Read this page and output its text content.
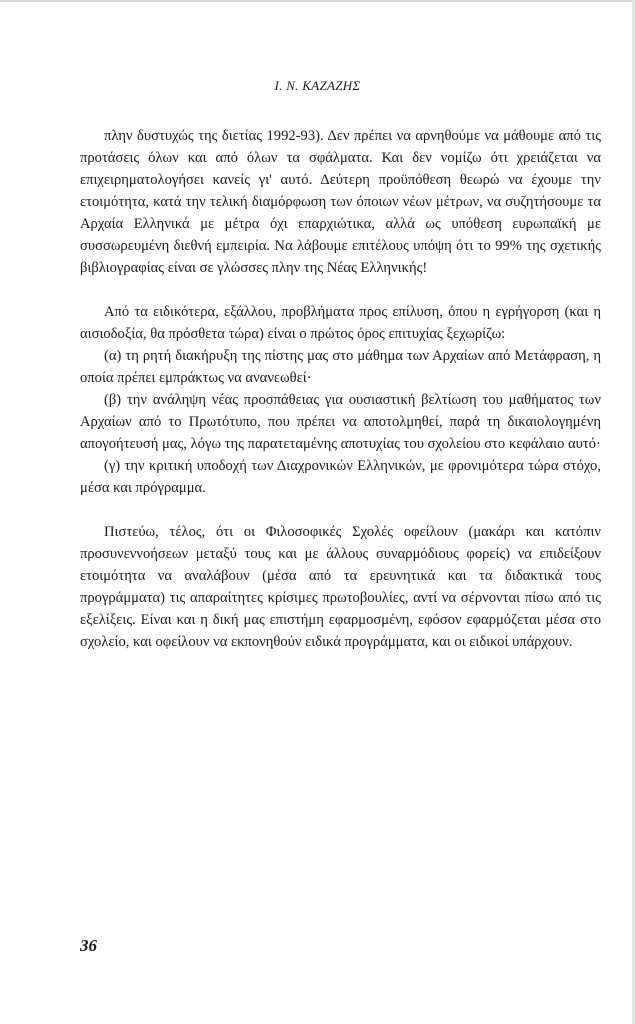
Ι. Ν. ΚΑΖΑΖΗΣ

πλην δυστυχώς της διετίας 1992-93). Δεν πρέπει να αρνηθούμε να μάθουμε από τις προτάσεις όλων και από όλων τα σφάλματα. Και δεν νομίζω ότι χρειάζεται να επιχειρηματολογήσει κανείς γι' αυτό. Δεύτερη προϋπόθεση θεωρώ να έχουμε την ετοιμότητα, κατά την τελική διαμόρφωση των όποιων νέων μέτρων, να συζητήσουμε τα Αρχαία Ελληνικά με μέτρα όχι επαρχιώτικα, αλλά ως υπόθεση ευρωπαϊκή με συσσωρευμένη διεθνή εμπειρία. Να λάβουμε επιτέλους υπόψη ότι το 99% της σχετικής βιβλιογραφίας είναι σε γλώσσες πλην της Νέας Ελληνικής!

Από τα ειδικότερα, εξάλλου, προβλήματα προς επίλυση, όπου η εγρήγορση (και η αισιοδοξία, θα πρόσθετα τώρα) είναι ο πρώτος όρος επιτυχίας ξεχωρίζω:

(α) τη ρητή διακήρυξη της πίστης μας στο μάθημα των Αρχαίων από Μετάφραση, η οποία πρέπει εμπράκτως να ανανεωθεί·

(β) την ανάληψη νέας προσπάθειας για ουσιαστική βελτίωση του μαθήματος των Αρχαίων από το Πρωτότυπο, που πρέπει να αποτολμηθεί, παρά τη δικαιολογημένη απογοήτευσή μας, λόγω της παρατεταμένης αποτυχίας του σχολείου στο κεφάλαιο αυτό·

(γ) την κριτική υποδοχή των Διαχρονικών Ελληνικών, με φρονιμότερα τώρα στόχο, μέσα και πρόγραμμα.

Πιστεύω, τέλος, ότι οι Φιλοσοφικές Σχολές οφείλουν (μακάρι και κατόπιν προσυνεννοήσεων μεταξύ τους και με άλλους συναρμόδιους φορείς) να επιδείξουν ετοιμότητα να αναλάβουν (μέσα από τα ερευνητικά και τα διδακτικά τους προγράμματα) τις απαραίτητες κρίσιμες πρωτοβουλίες, αντί να σέρνονται πίσω από τις εξελίξεις. Είναι και η δική μας επιστήμη εφαρμοσμένη, εφόσον εφαρμόζεται μέσα στο σχολείο, και οφείλουν να εκπονηθούν ειδικά προγράμματα, και οι ειδικοί υπάρχουν.

36
